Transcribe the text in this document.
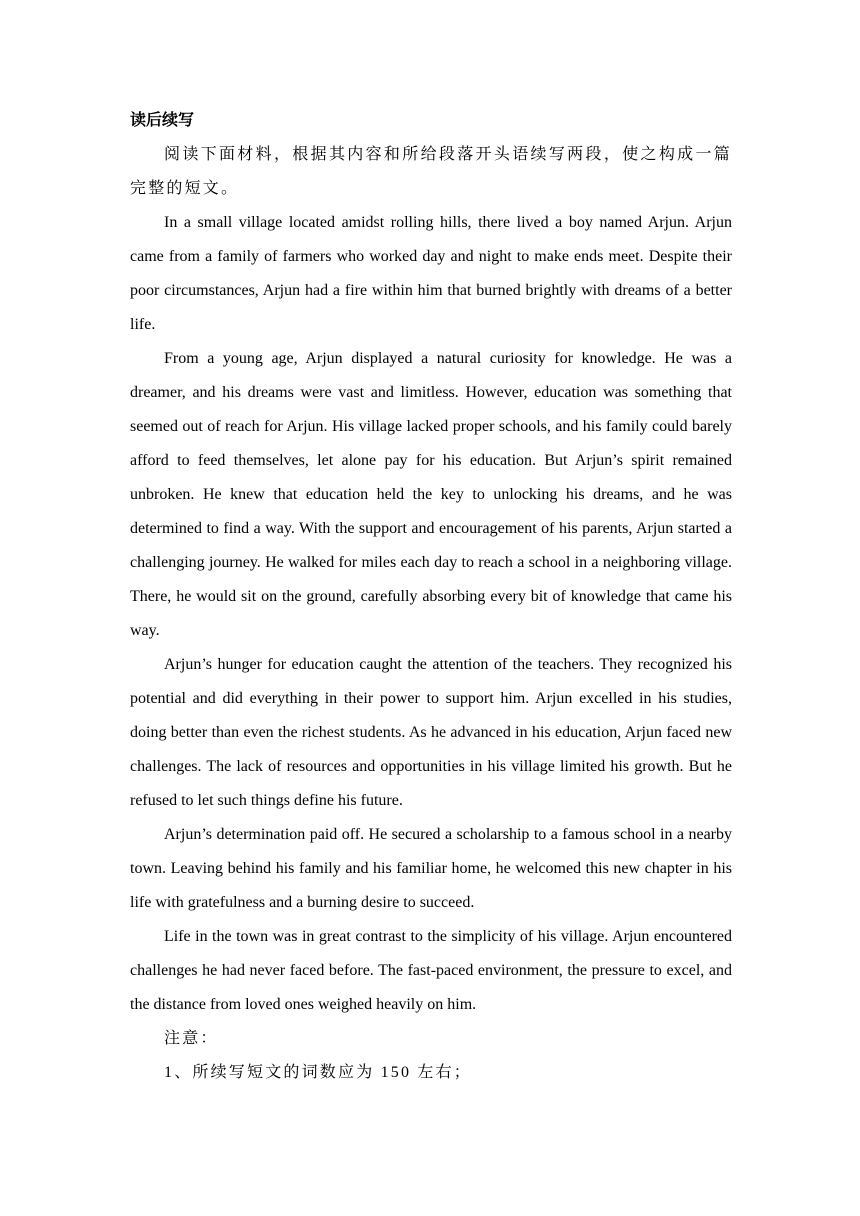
读后续写

阅读下面材料，根据其内容和所给段落开头语续写两段，使之构成一篇完整的短文。

In a small village located amidst rolling hills, there lived a boy named Arjun. Arjun came from a family of farmers who worked day and night to make ends meet. Despite their poor circumstances, Arjun had a fire within him that burned brightly with dreams of a better life.

From a young age, Arjun displayed a natural curiosity for knowledge. He was a dreamer, and his dreams were vast and limitless. However, education was something that seemed out of reach for Arjun. His village lacked proper schools, and his family could barely afford to feed themselves, let alone pay for his education. But Arjun’s spirit remained unbroken. He knew that education held the key to unlocking his dreams, and he was determined to find a way. With the support and encouragement of his parents, Arjun started a challenging journey. He walked for miles each day to reach a school in a neighboring village. There, he would sit on the ground, carefully absorbing every bit of knowledge that came his way.

Arjun’s hunger for education caught the attention of the teachers. They recognized his potential and did everything in their power to support him. Arjun excelled in his studies, doing better than even the richest students. As he advanced in his education, Arjun faced new challenges. The lack of resources and opportunities in his village limited his growth. But he refused to let such things define his future.

Arjun’s determination paid off. He secured a scholarship to a famous school in a nearby town. Leaving behind his family and his familiar home, he welcomed this new chapter in his life with gratefulness and a burning desire to succeed.

Life in the town was in great contrast to the simplicity of his village. Arjun encountered challenges he had never faced before. The fast-paced environment, the pressure to excel, and the distance from loved ones weighed heavily on him.

注意：

1、所续写短文的词数应为 150 左右；
